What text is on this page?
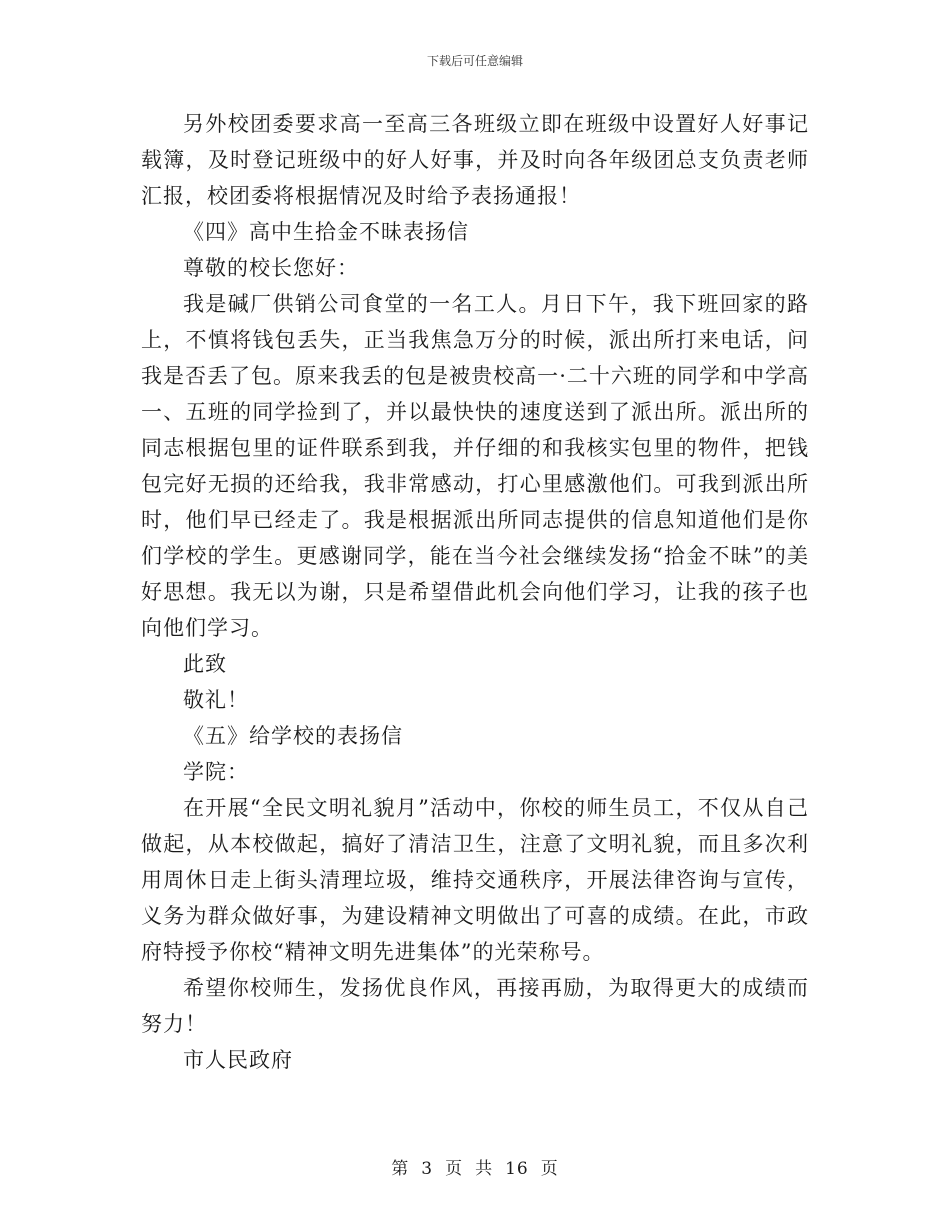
下载后可任意编辑

另外校团委要求高一至高三各班级立即在班级中设置好人好事记载簿，及时登记班级中的好人好事，并及时向各年级团总支负责老师汇报，校团委将根据情况及时给予表扬通报！

《四》高中生拾金不昧表扬信

尊敬的校长您好：

我是碱厂供销公司食堂的一名工人。月日下午，我下班回家的路上，不慎将钱包丢失，正当我焦急万分的时候，派出所打来电话，问我是否丢了包。原来我丢的包是被贵校高一·二十六班的同学和中学高一、五班的同学捡到了，并以最快快的速度送到了派出所。派出所的同志根据包里的证件联系到我，并仔细的和我核实包里的物件，把钱包完好无损的还给我，我非常感动，打心里感激他们。可我到派出所时，他们早已经走了。我是根据派出所同志提供的信息知道他们是你们学校的学生。更感谢同学，能在当今社会继续发扬“拾金不昧”的美好思想。我无以为谢，只是希望借此机会向他们学习，让我的孩子也向他们学习。

此致

敬礼！

《五》给学校的表扬信

学院：

在开展“全民文明礼貌月”活动中，你校的师生员工，不仅从自己做起，从本校做起，搞好了清洁卫生，注意了文明礼貌，而且多次利用周休日走上街头清理垃圾，维持交通秩序，开展法律咨询与宣传，义务为群众做好事，为建设精神文明做出了可喜的成绩。在此，市政府特授予你校“精神文明先进集体”的光荣称号。

希望你校师生，发扬优良作风，再接再励，为取得更大的成绩而努力！

市人民政府

第 3 页 共 16 页
